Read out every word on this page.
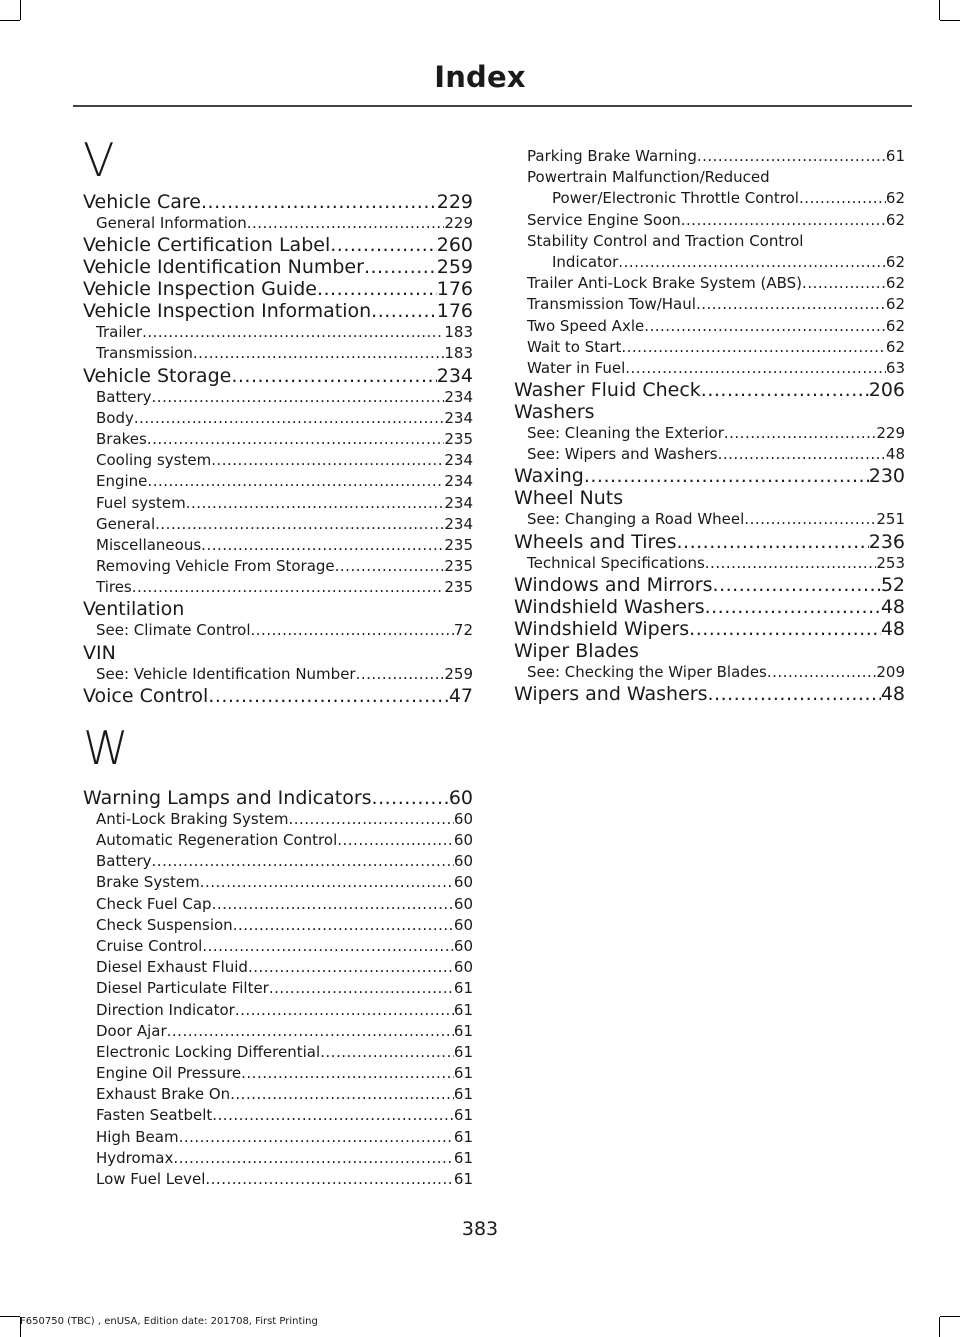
Index
V
Vehicle Care .....	229
General Information .....	229
Vehicle Certification Label .....	260
Vehicle Identification Number .....	259
Vehicle Inspection Guide .....	176
Vehicle Inspection Information .....	176
Trailer .....	183
Transmission .....	183
Vehicle Storage .....	234
Battery .....	234
Body .....	234
Brakes .....	235
Cooling system .....	234
Engine .....	234
Fuel system .....	234
General .....	234
Miscellaneous .....	235
Removing Vehicle From Storage .....	235
Tires .....	235
Ventilation
See: Climate Control .....	72
VIN
See: Vehicle Identification Number .....	259
Voice Control .....	47
W
Warning Lamps and Indicators .....	60
Anti-Lock Braking System .....	60
Automatic Regeneration Control .....	60
Battery .....	60
Brake System .....	60
Check Fuel Cap .....	60
Check Suspension .....	60
Cruise Control .....	60
Diesel Exhaust Fluid .....	60
Diesel Particulate Filter .....	61
Direction Indicator .....	61
Door Ajar .....	61
Electronic Locking Differential .....	61
Engine Oil Pressure .....	61
Exhaust Brake On .....	61
Fasten Seatbelt .....	61
High Beam .....	61
Hydromax .....	61
Low Fuel Level .....	61
Parking Brake Warning .....	61
Powertrain Malfunction/Reduced
Power/Electronic Throttle Control .....	62
Service Engine Soon .....	62
Stability Control and Traction Control
Indicator .....	62
Trailer Anti-Lock Brake System (ABS) .....	62
Transmission Tow/Haul .....	62
Two Speed Axle .....	62
Wait to Start .....	62
Water in Fuel .....	63
Washer Fluid Check .....	206
Washers
See: Cleaning the Exterior .....	229
See: Wipers and Washers .....	48
Waxing .....	230
Wheel Nuts
See: Changing a Road Wheel .....	251
Wheels and Tires .....	236
Technical Specifications .....	253
Windows and Mirrors .....	52
Windshield Washers .....	48
Windshield Wipers .....	48
Wiper Blades
See: Checking the Wiper Blades .....	209
Wipers and Washers .....	48
383
F650750 (TBC) , enUSA, Edition date: 201708, First Printing
